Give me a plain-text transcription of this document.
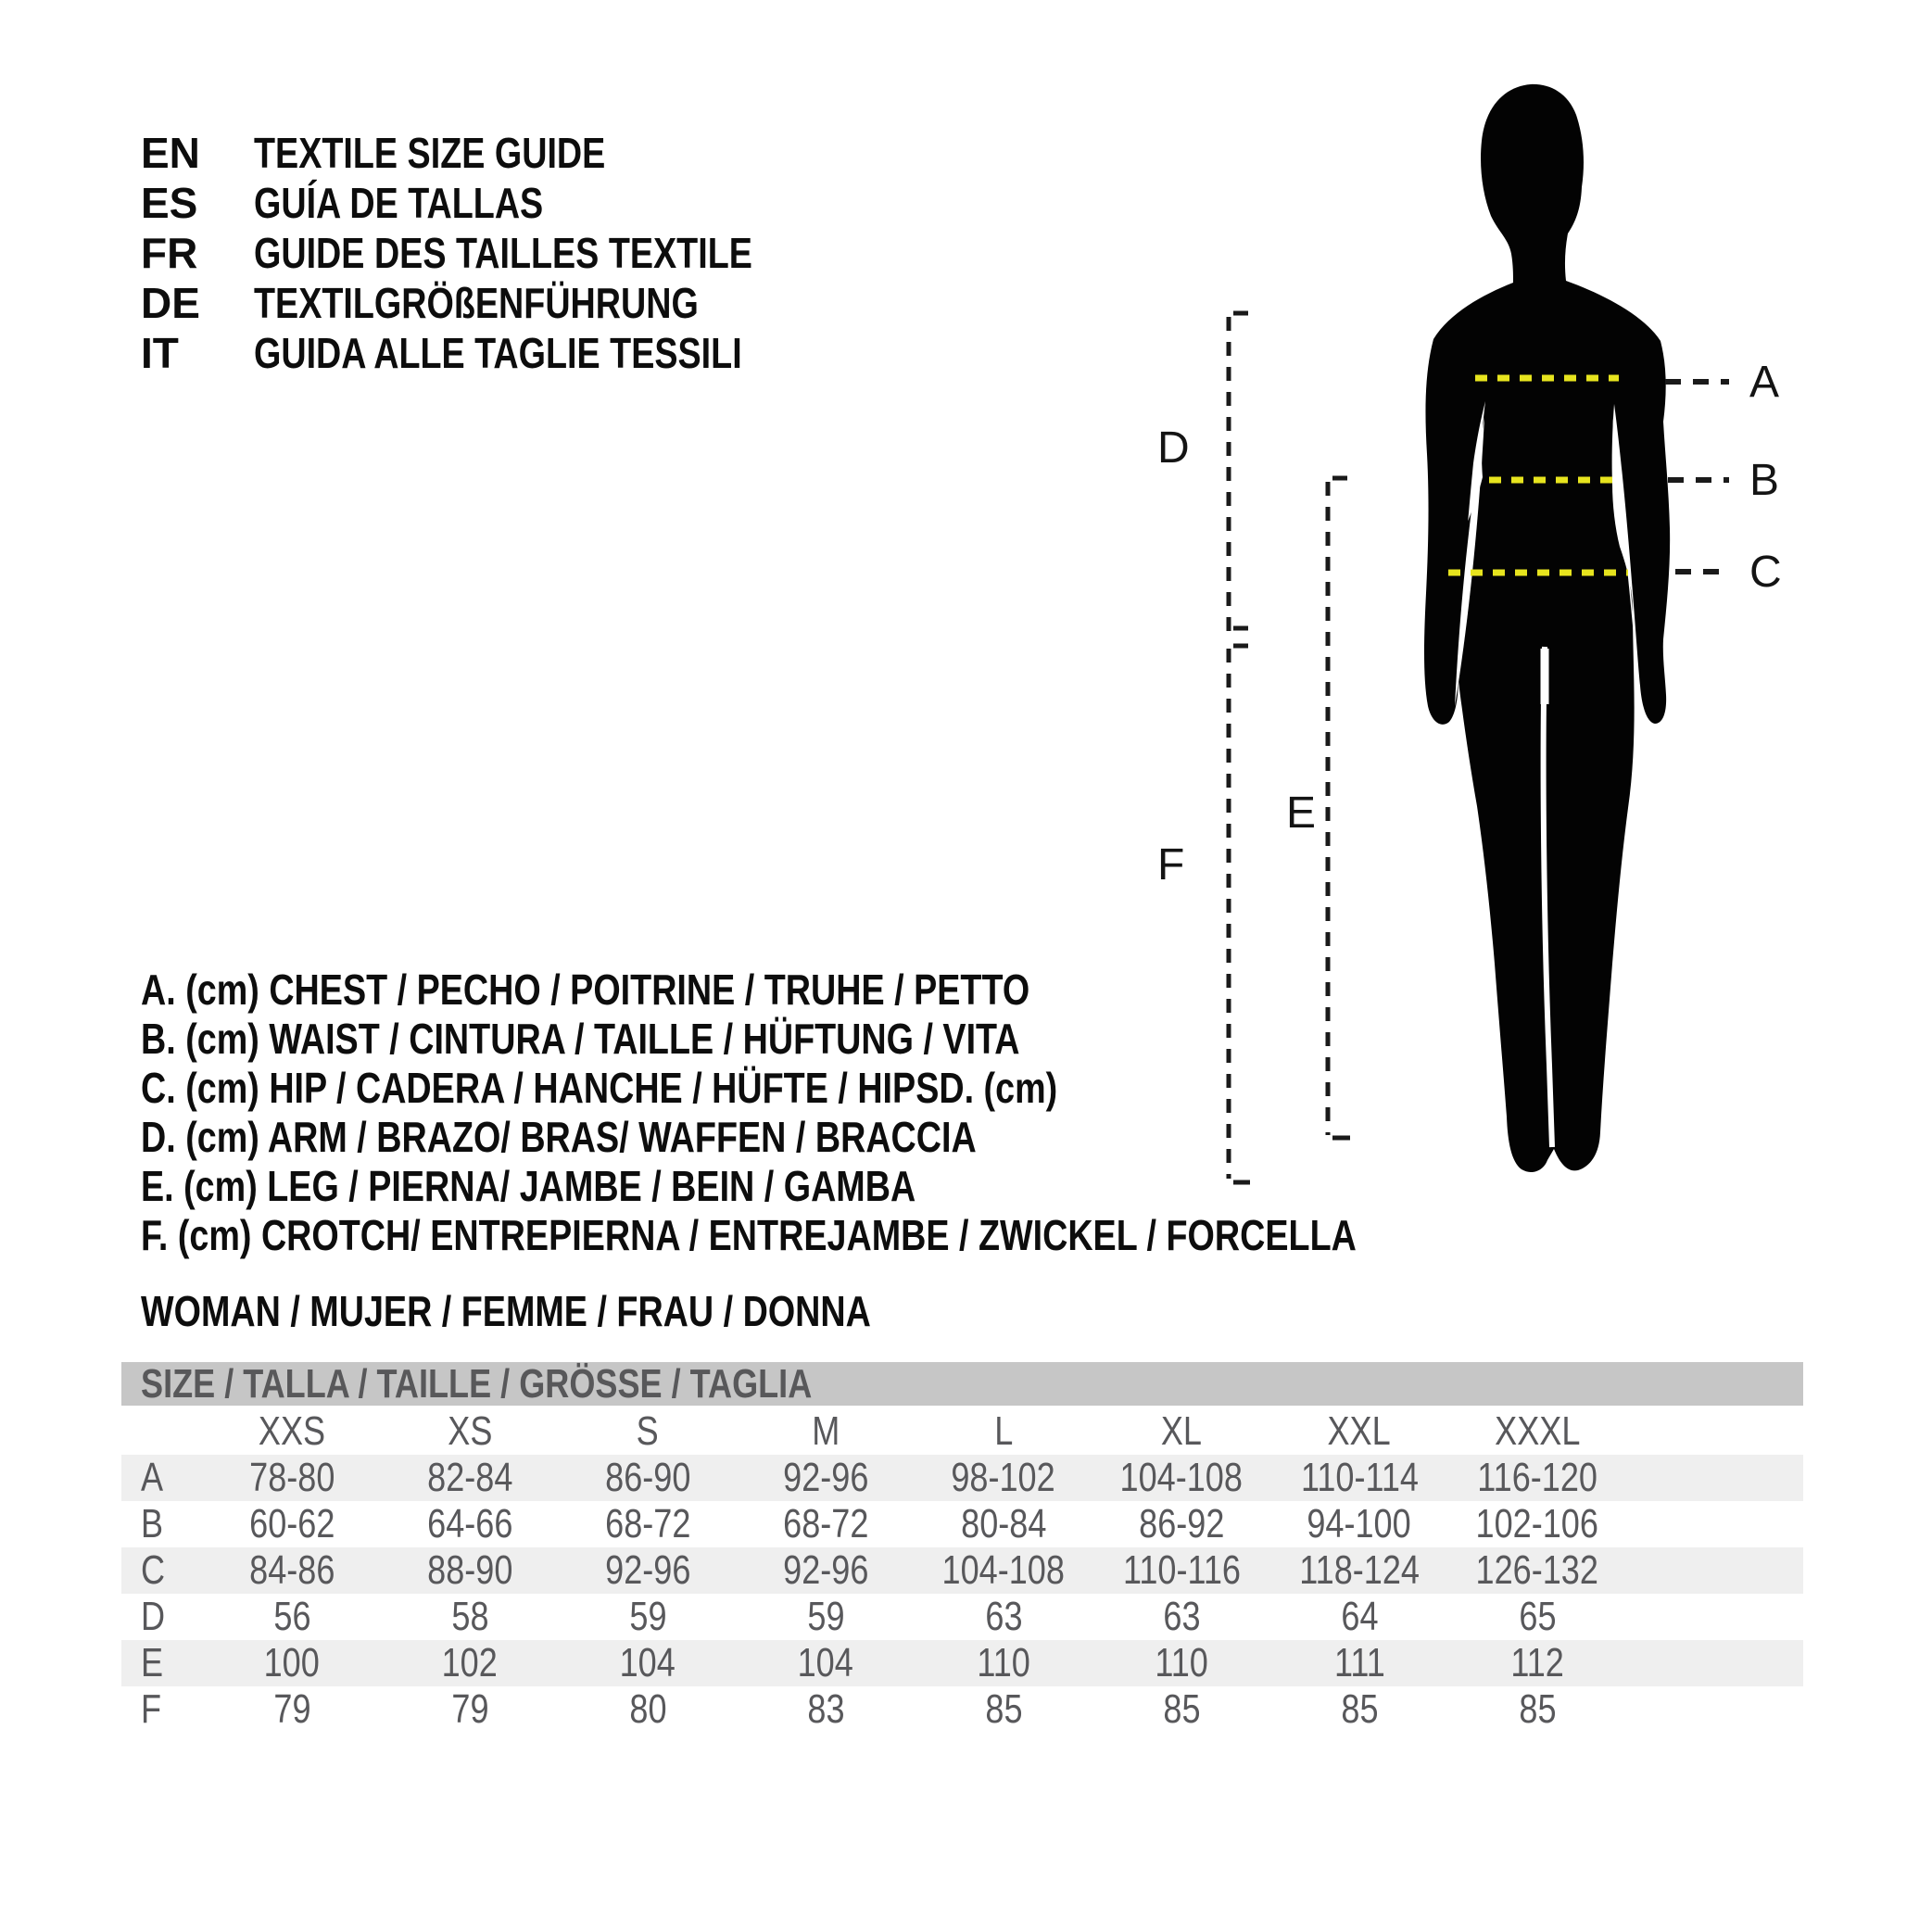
EN TEXTILE SIZE GUIDE
ES GUÍA DE TALLAS
FR GUIDE DES TAILLES TEXTILE
DE TEXTILGRÖßENFÜHRUNG
IT GUIDA ALLE TAGLIE TESSILI
A
B
C
D
E
F
A. (cm) CHEST / PECHO / POITRINE / TRUHE / PETTO
B. (cm) WAIST / CINTURA / TAILLE / HÜFTUNG / VITA
C. (cm) HIP / CADERA / HANCHE / HÜFTE / HIPSD. (cm)
D. (cm) ARM / BRAZO/ BRAS/ WAFFEN / BRACCIA
E. (cm) LEG / PIERNA/ JAMBE / BEIN / GAMBA
F. (cm) CROTCH/ ENTREPIERNA / ENTREJAMBE / ZWICKEL / FORCELLA
WOMAN / MUJER / FEMME / FRAU / DONNA
SIZE / TALLA / TAILLE / GRÖSSE / TAGLIA
	XXS	XS	S	M	L	XL	XXL	XXXL	
A	78-80	82-84	86-90	92-96	98-102	104-108	110-114	116-120	
B	60-62	64-66	68-72	68-72	80-84	86-92	94-100	102-106	
C	84-86	88-90	92-96	92-96	104-108	110-116	118-124	126-132	
D	56	58	59	59	63	63	64	65	
E	100	102	104	104	110	110	111	112	
F	79	79	80	83	85	85	85	85	
